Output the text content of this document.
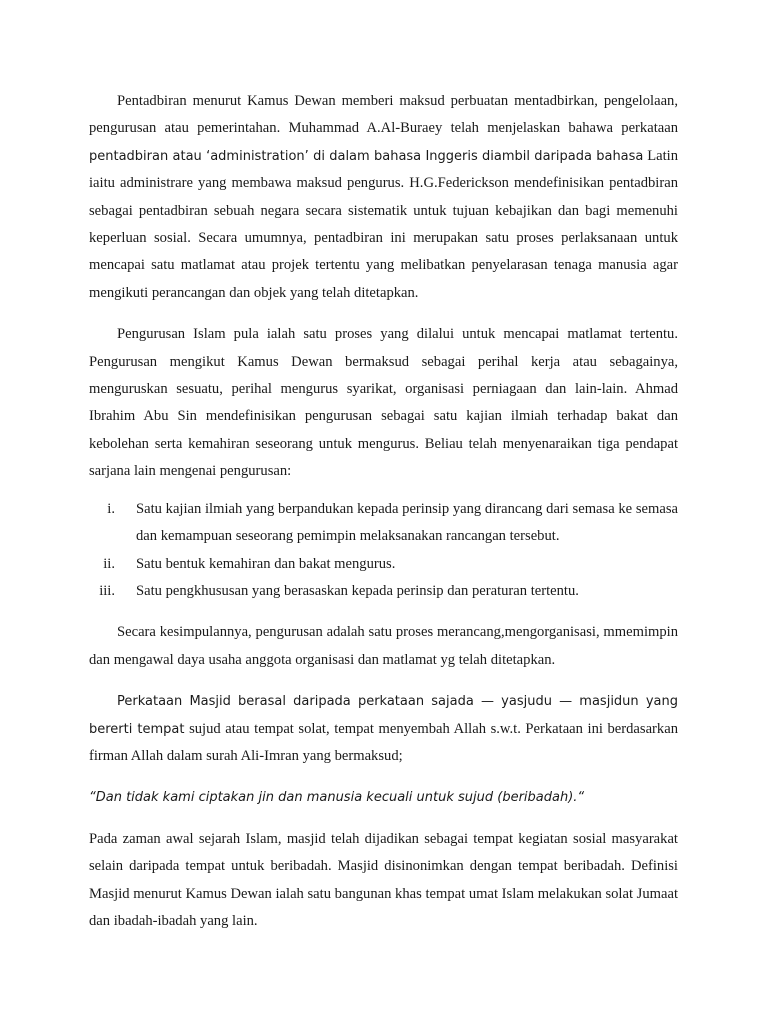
Pentadbiran menurut Kamus Dewan memberi maksud perbuatan mentadbirkan, pengelolaan, pengurusan atau pemerintahan. Muhammad A.Al-Buraey telah menjelaskan bahawa perkataan pentadbiran atau ‘administration’ di dalam bahasa Inggeris diambil daripada bahasa Latin iaitu administrare yang membawa maksud pengurus. H.G.Federickson mendefinisikan pentadbiran sebagai pentadbiran sebuah negara secara sistematik untuk tujuan kebajikan dan bagi memenuhi keperluan sosial. Secara umumnya, pentadbiran ini merupakan satu proses perlaksanaan untuk mencapai satu matlamat atau projek tertentu yang melibatkan penyelarasan tenaga manusia agar mengikuti perancangan dan objek yang telah ditetapkan.

Pengurusan Islam pula ialah satu proses yang dilalui untuk mencapai matlamat tertentu. Pengurusan mengikut Kamus Dewan bermaksud sebagai perihal kerja atau sebagainya, menguruskan sesuatu, perihal mengurus syarikat, organisasi perniagaan dan lain-lain. Ahmad Ibrahim Abu Sin mendefinisikan pengurusan sebagai satu kajian ilmiah terhadap bakat dan kebolehan serta kemahiran seseorang untuk mengurus. Beliau telah menyenaraikan tiga pendapat sarjana lain mengenai pengurusan:

i. Satu kajian ilmiah yang berpandukan kepada perinsip yang dirancang dari semasa ke semasa dan kemampuan seseorang pemimpin melaksanakan rancangan tersebut.
ii. Satu bentuk kemahiran dan bakat mengurus.
iii. Satu pengkhususan yang berasaskan kepada perinsip dan peraturan tertentu.

Secara kesimpulannya, pengurusan adalah satu proses merancang,mengorganisasi, mmemimpin dan mengawal daya usaha anggota organisasi dan matlamat yg telah ditetapkan.

Perkataan Masjid berasal daripada perkataan sajada — yasjudu — masjidun yang bererti tempat sujud atau tempat solat, tempat menyembah Allah s.w.t. Perkataan ini berdasarkan firman Allah dalam surah Ali-Imran yang bermaksud;

“Dan tidak kami ciptakan jin dan manusia kecuali untuk sujud (beribadah).“

Pada zaman awal sejarah Islam, masjid telah dijadikan sebagai tempat kegiatan sosial masyarakat selain daripada tempat untuk beribadah. Masjid disinonimkan dengan tempat beribadah. Definisi Masjid menurut Kamus Dewan ialah satu bangunan khas tempat umat Islam melakukan solat Jumaat dan ibadah-ibadah yang lain.
